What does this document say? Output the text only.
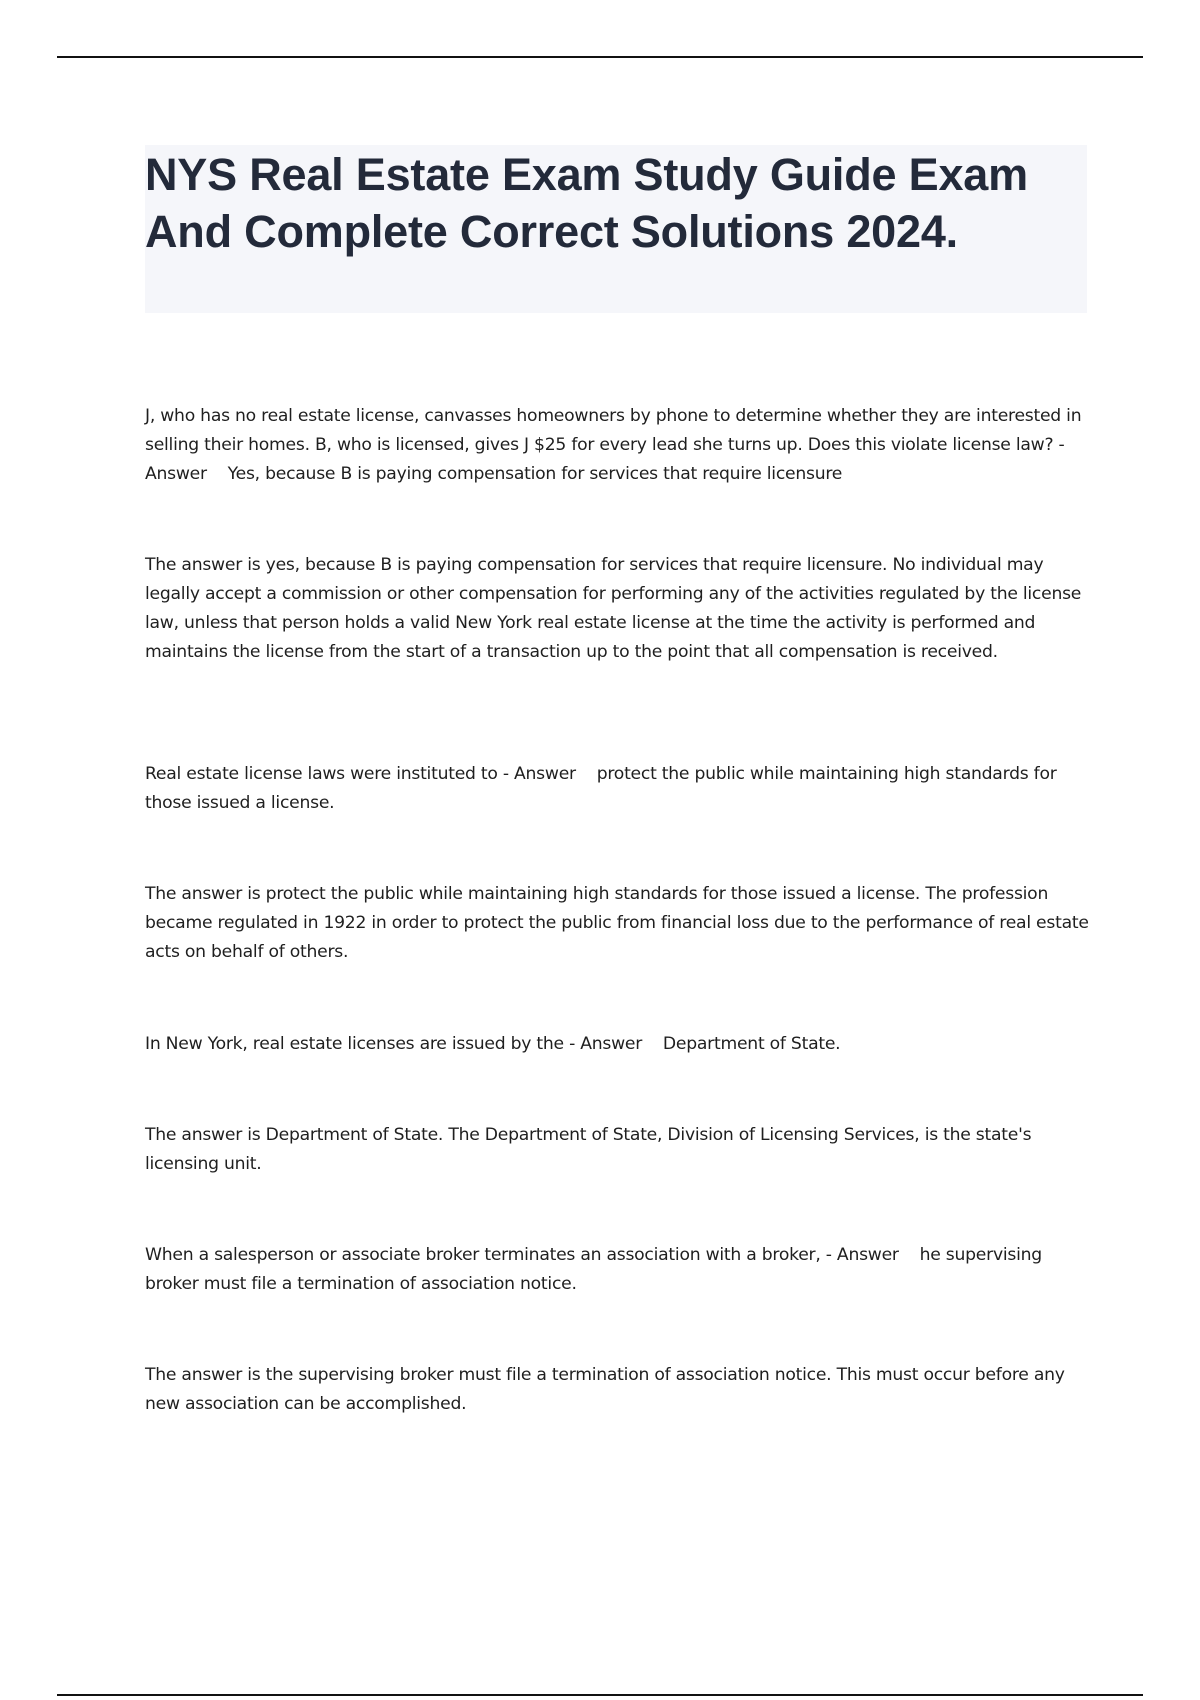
NYS Real Estate Exam Study Guide Exam And Complete Correct Solutions 2024.

J, who has no real estate license, canvasses homeowners by phone to determine whether they are interested in selling their homes. B, who is licensed, gives J $25 for every lead she turns up. Does this violate license law? - Answer Yes, because B is paying compensation for services that require licensure

The answer is yes, because B is paying compensation for services that require licensure. No individual may legally accept a commission or other compensation for performing any of the activities regulated by the license law, unless that person holds a valid New York real estate license at the time the activity is performed and maintains the license from the start of a transaction up to the point that all compensation is received.

Real estate license laws were instituted to - Answer protect the public while maintaining high standards for those issued a license.

The answer is protect the public while maintaining high standards for those issued a license. The profession became regulated in 1922 in order to protect the public from financial loss due to the performance of real estate acts on behalf of others.

In New York, real estate licenses are issued by the - Answer Department of State.

The answer is Department of State. The Department of State, Division of Licensing Services, is the state's licensing unit.

When a salesperson or associate broker terminates an association with a broker, - Answer he supervising broker must file a termination of association notice.

The answer is the supervising broker must file a termination of association notice. This must occur before any new association can be accomplished.
